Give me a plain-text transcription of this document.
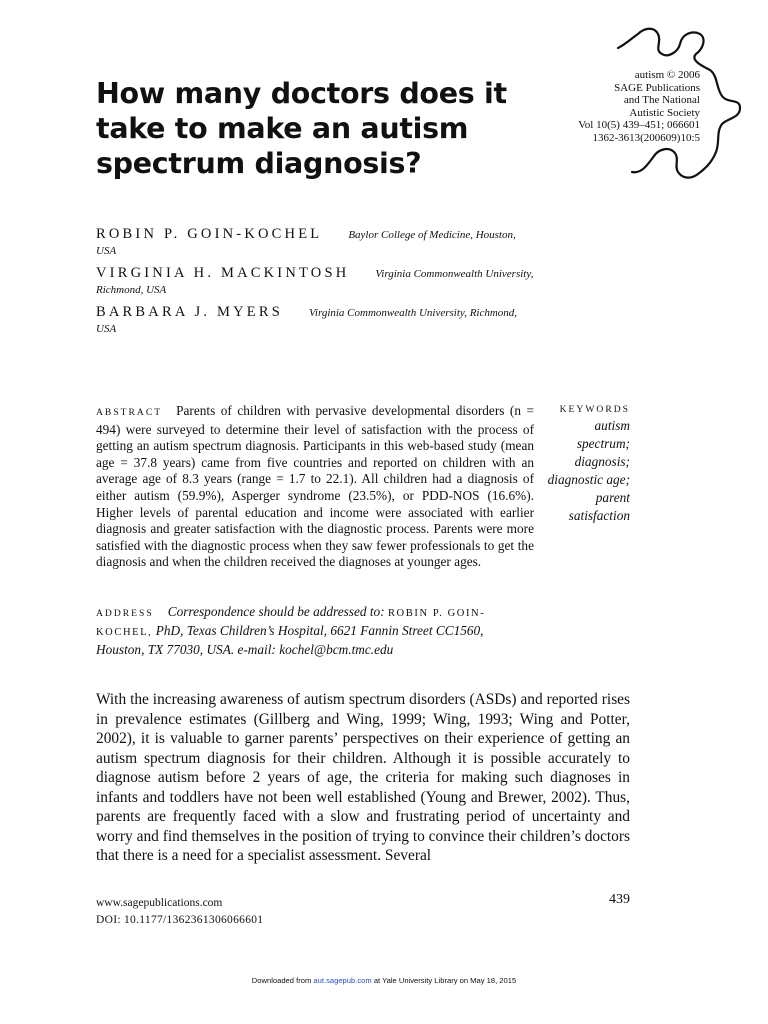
How many doctors does it take to make an autism spectrum diagnosis?
autism © 2006
SAGE Publications
and The National
Autistic Society
Vol 10(5) 439–451; 066601
1362-3613(200609)10:5
ROBIN P. GOIN-KOCHEL Baylor College of Medicine, Houston, USA
VIRGINIA H. MACKINTOSH Virginia Commonwealth University, Richmond, USA
BARBARA J. MYERS Virginia Commonwealth University, Richmond, USA
ABSTRACT Parents of children with pervasive developmental disorders (n = 494) were surveyed to determine their level of satisfaction with the process of getting an autism spectrum diagnosis. Participants in this web-based study (mean age = 37.8 years) came from five countries and reported on children with an average age of 8.3 years (range = 1.7 to 22.1). All children had a diagnosis of either autism (59.9%), Asperger syndrome (23.5%), or PDD-NOS (16.6%). Higher levels of parental education and income were associated with earlier diagnosis and greater satisfaction with the diagnostic process. Parents were more satisfied with the diagnostic process when they saw fewer professionals to get the diagnosis and when the children received the diagnoses at younger ages.
KEYWORDS
autism
spectrum;
diagnosis;
diagnostic age;
parent
satisfaction
ADDRESS Correspondence should be addressed to: ROBIN P. GOIN-KOCHEL, PhD, Texas Children’s Hospital, 6621 Fannin Street CC1560, Houston, TX 77030, USA. e-mail: kochel@bcm.tmc.edu

With the increasing awareness of autism spectrum disorders (ASDs) and reported rises in prevalence estimates (Gillberg and Wing, 1999; Wing, 1993; Wing and Potter, 2002), it is valuable to garner parents’ perspectives on their experience of getting an autism spectrum diagnosis for their children. Although it is possible accurately to diagnose autism before 2 years of age, the criteria for making such diagnoses in infants and toddlers have not been well established (Young and Brewer, 2002). Thus, parents are frequently faced with a slow and frustrating period of uncertainty and worry and find themselves in the position of trying to convince their children’s doctors that there is a need for a specialist assessment. Several

www.sagepublications.com
DOI: 10.1177/1362361306066601
439
Downloaded from aut.sagepub.com at Yale University Library on May 18, 2015
